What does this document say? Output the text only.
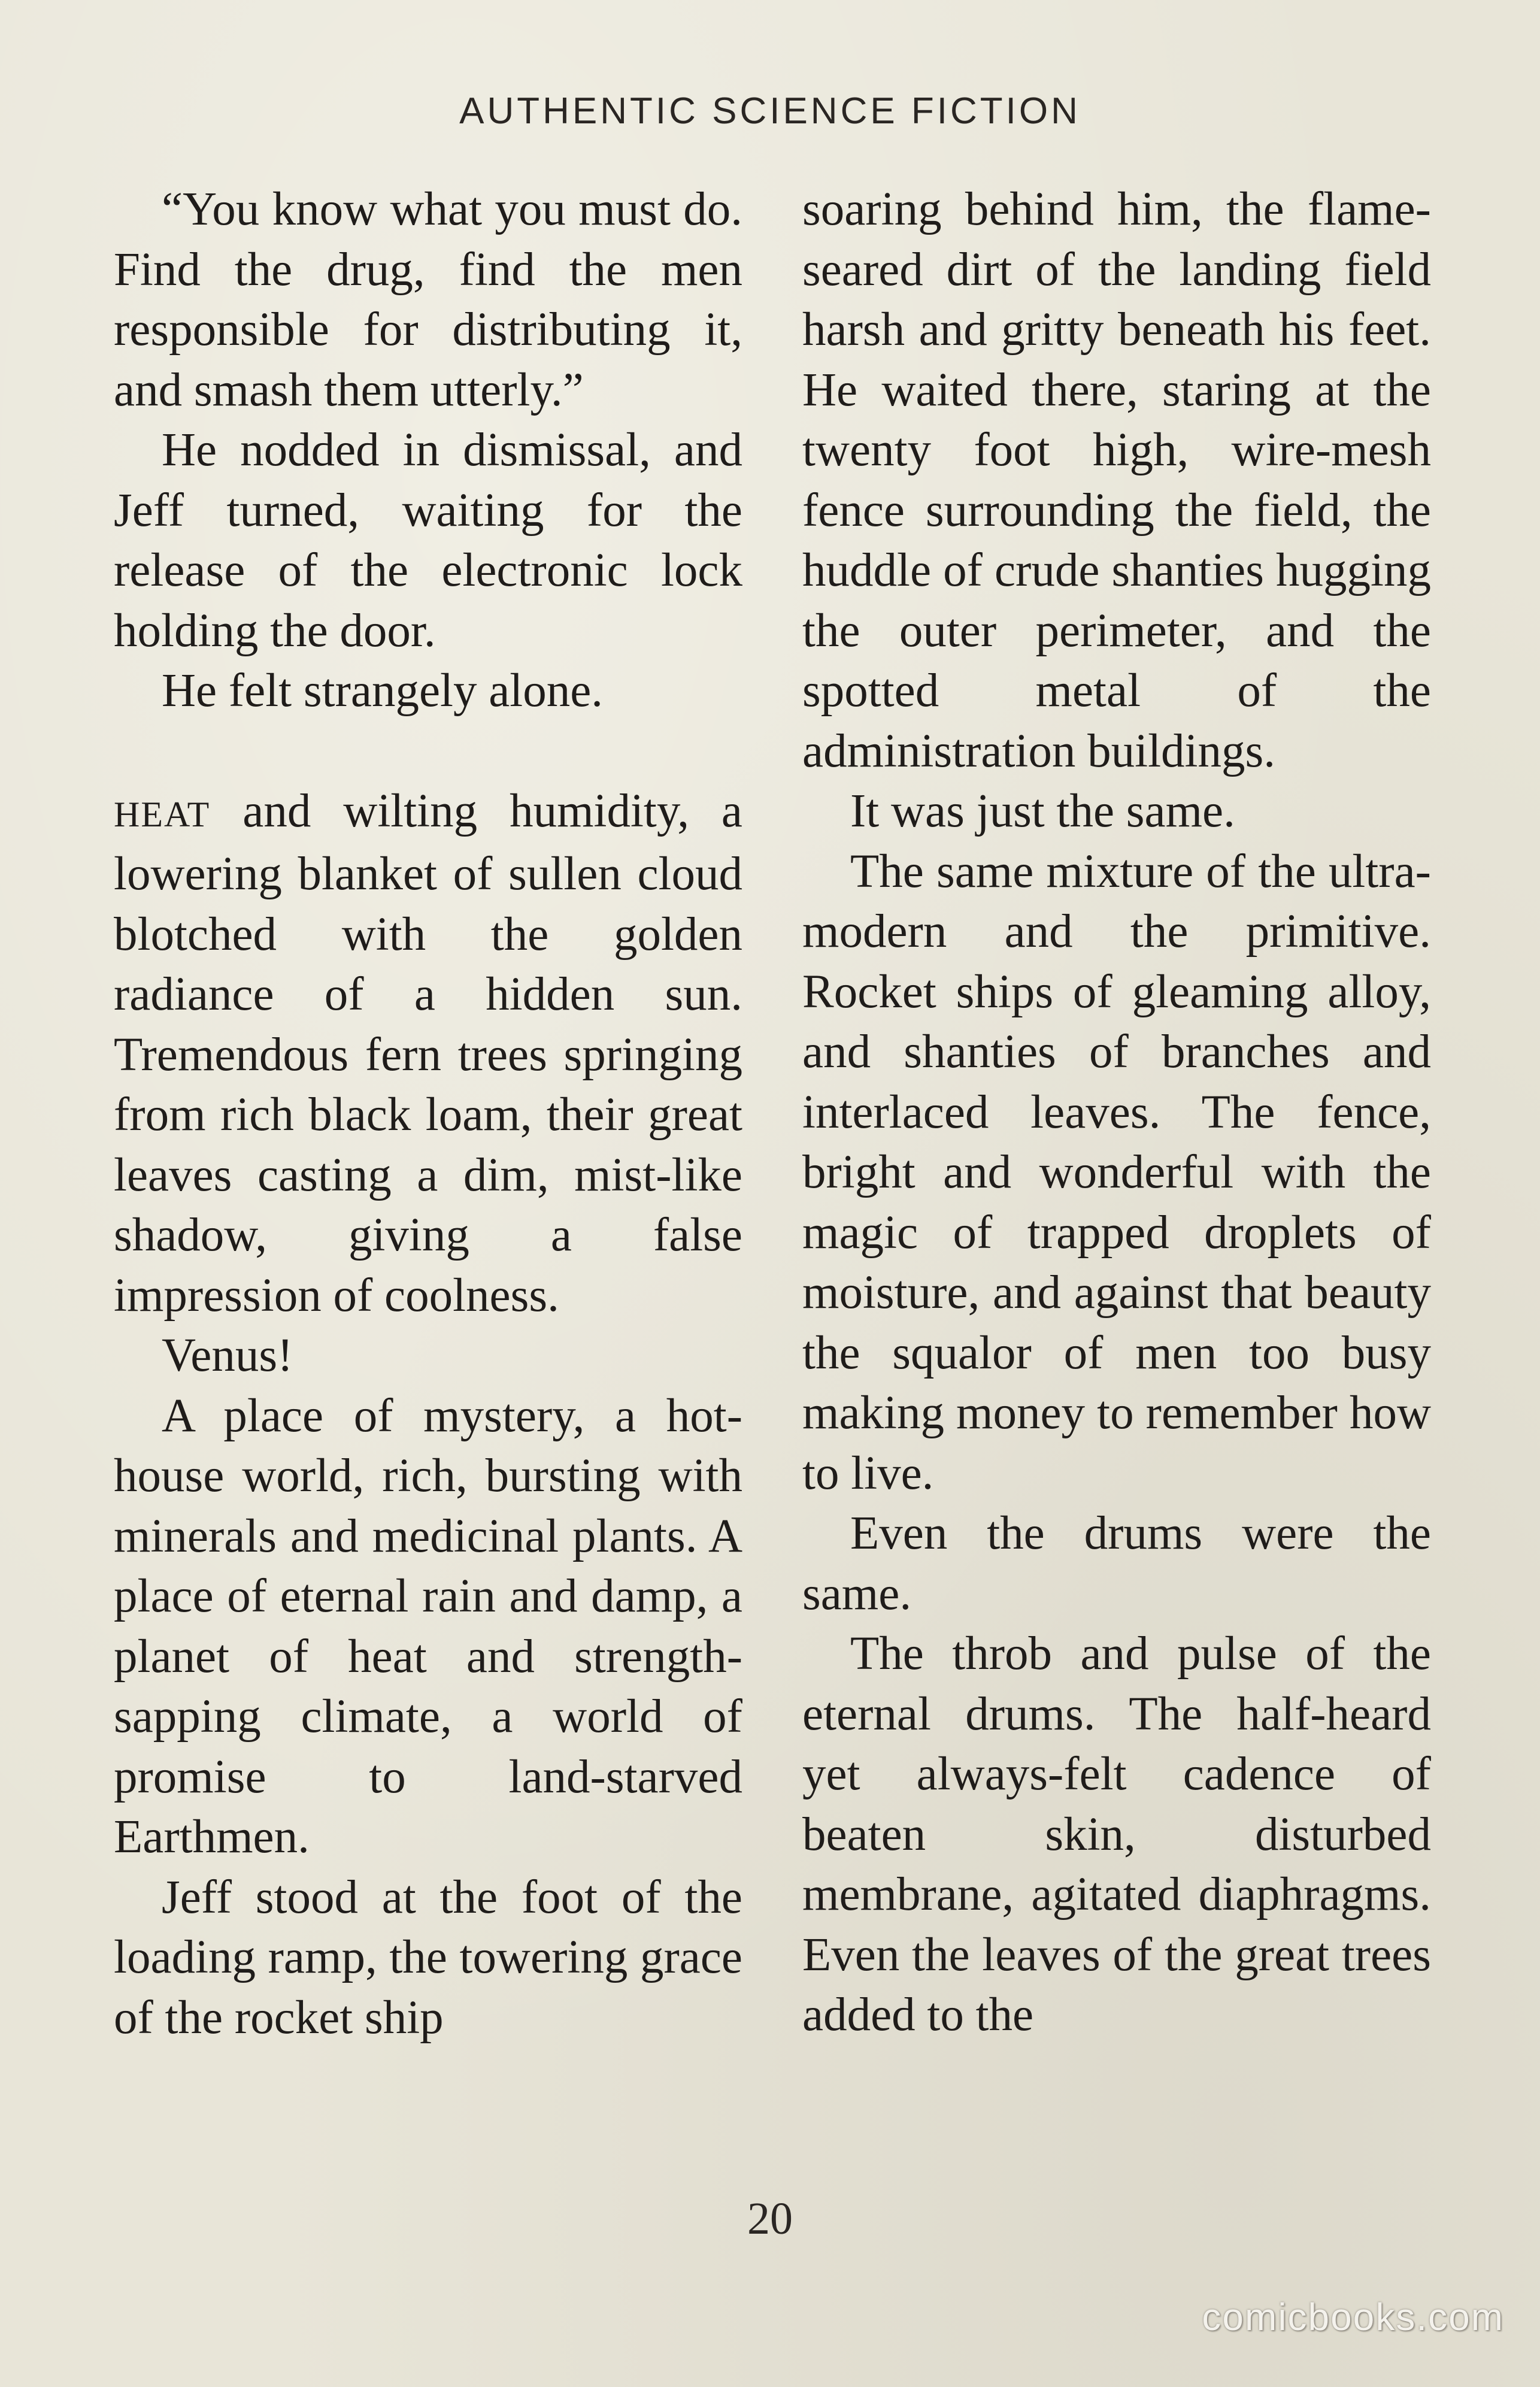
AUTHENTIC SCIENCE FICTION

“You know what you must do. Find the drug, find the men responsible for distributing it, and smash them utterly.”

He nodded in dismissal, and Jeff turned, waiting for the release of the electronic lock holding the door.

He felt strangely alone.

HEAT and wilting humidity, a lowering blanket of sullen cloud blotched with the golden radiance of a hidden sun. Tremendous fern trees springing from rich black loam, their great leaves casting a dim, mist-like shadow, giving a false impression of coolness.

Venus!

A place of mystery, a hot-house world, rich, bursting with minerals and medicinal plants. A place of eternal rain and damp, a planet of heat and strength-sapping climate, a world of promise to land-starved Earthmen.

Jeff stood at the foot of the loading ramp, the towering grace of the rocket ship

soaring behind him, the flame-seared dirt of the landing field harsh and gritty beneath his feet. He waited there, staring at the twenty foot high, wire-mesh fence surrounding the field, the huddle of crude shanties hugging the outer perimeter, and the spotted metal of the administration buildings.

It was just the same.

The same mixture of the ultra-modern and the primitive. Rocket ships of gleaming alloy, and shanties of branches and interlaced leaves. The fence, bright and wonderful with the magic of trapped droplets of moisture, and against that beauty the squalor of men too busy making money to remember how to live.

Even the drums were the same.

The throb and pulse of the eternal drums. The half-heard yet always-felt cadence of beaten skin, disturbed membrane, agitated diaphragms. Even the leaves of the great trees added to the

20
comicbooks.com
